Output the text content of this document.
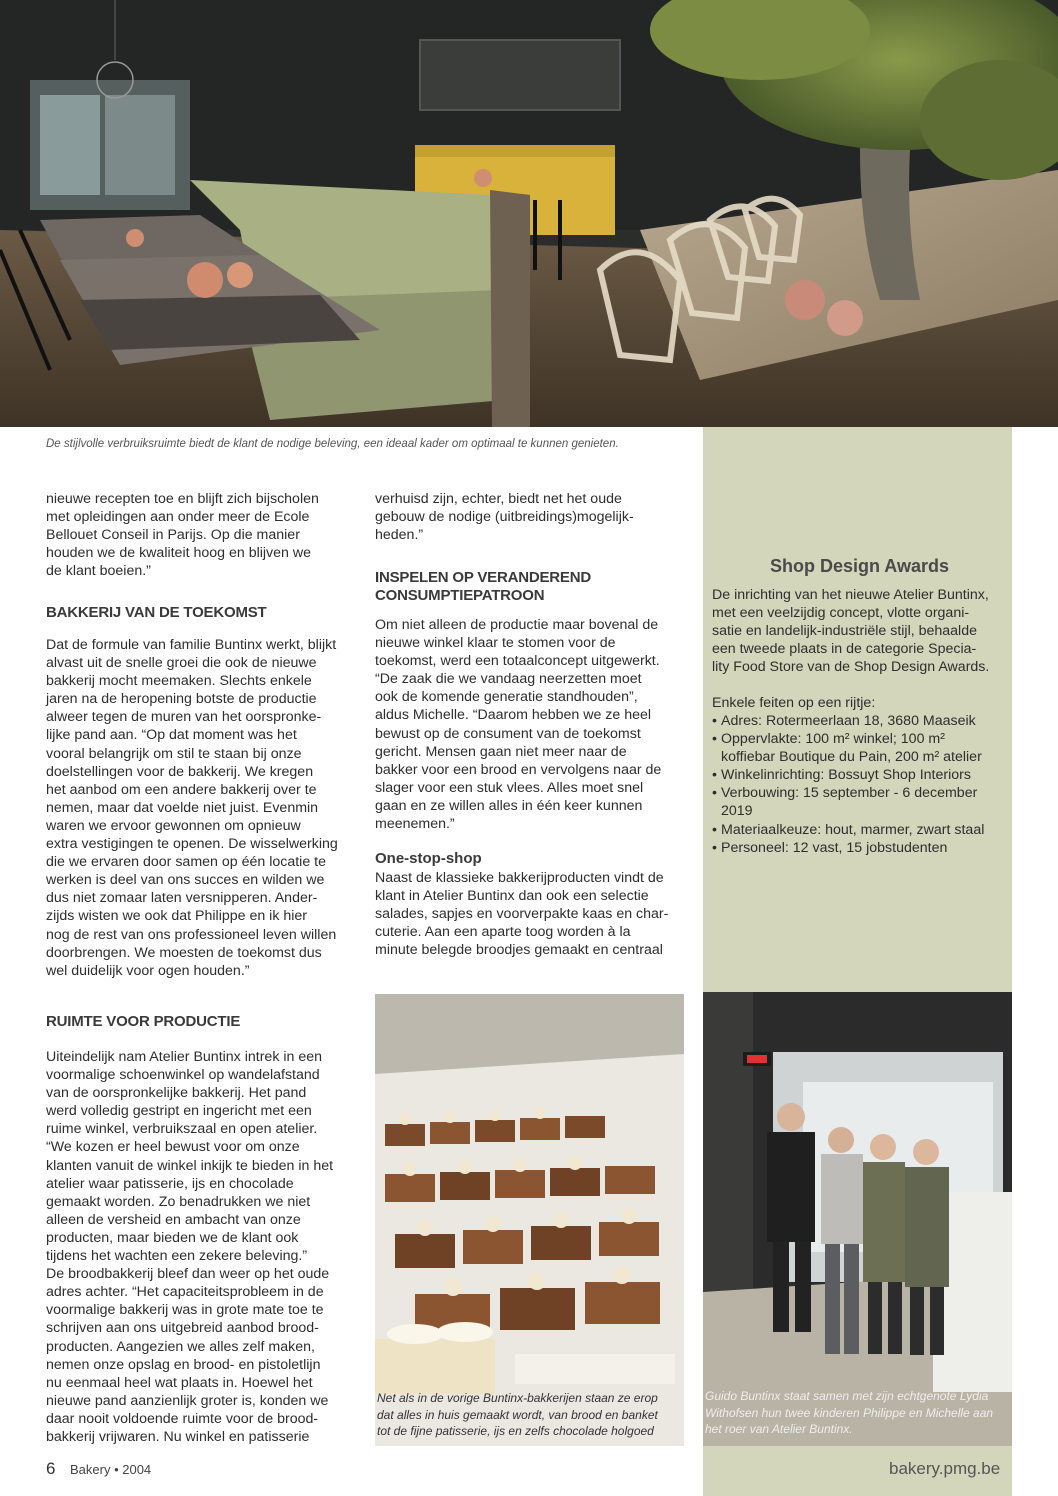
De stijlvolle verbruiksruimte biedt de klant de nodige beleving, een ideaal kader om optimaal te kunnen genieten.

nieuwe recepten toe en blijft zich bijscholen

met opleidingen aan onder meer de Ecole

Bellouet Conseil in Parijs. Op die manier

houden we de kwaliteit hoog en blijven we

de klant boeien.”

BAKKERIJ VAN DE TOEKOMST

Dat de formule van familie Buntinx werkt, blijkt

alvast uit de snelle groei die ook de nieuwe

bakkerij mocht meemaken. Slechts enkele

jaren na de heropening botste de productie

alweer tegen de muren van het oorspronke-

lijke pand aan. “Op dat moment was het

vooral belangrijk om stil te staan bij onze

doelstellingen voor de bakkerij. We kregen

het aanbod om een andere bakkerij over te

nemen, maar dat voelde niet juist. Evenmin

waren we ervoor gewonnen om opnieuw

extra vestigingen te openen. De wisselwerking

die we ervaren door samen op één locatie te

werken is deel van ons succes en wilden we

dus niet zomaar laten versnipperen. Ander-

zijds wisten we ook dat Philippe en ik hier

nog de rest van ons professioneel leven willen

doorbrengen. We moesten de toekomst dus

wel duidelijk voor ogen houden.”

RUIMTE VOOR PRODUCTIE

Uiteindelijk nam Atelier Buntinx intrek in een

voormalige schoenwinkel op wandelafstand

van de oorspronkelijke bakkerij. Het pand

werd volledig gestript en ingericht met een

ruime winkel, verbruikszaal en open atelier.

“We kozen er heel bewust voor om onze

klanten vanuit de winkel inkijk te bieden in het

atelier waar patisserie, ijs en chocolade

gemaakt worden. Zo benadrukken we niet

alleen de versheid en ambacht van onze

producten, maar bieden we de klant ook

tijdens het wachten een zekere beleving.”

De broodbakkerij bleef dan weer op het oude

adres achter. “Het capaciteitsprobleem in de

voormalige bakkerij was in grote mate toe te

schrijven aan ons uitgebreid aanbod brood-

producten. Aangezien we alles zelf maken,

nemen onze opslag en brood- en pistoletlijn

nu eenmaal heel wat plaats in. Hoewel het

nieuwe pand aanzienlijk groter is, konden we

daar nooit voldoende ruimte voor de brood-

bakkerij vrijwaren. Nu winkel en patisserie

verhuisd zijn, echter, biedt net het oude

gebouw de nodige (uitbreidings)mogelijk-

heden.”

INSPELEN OP VERANDEREND
CONSUMPTIEPATROON

Om niet alleen de productie maar bovenal de

nieuwe winkel klaar te stomen voor de

toekomst, werd een totaalconcept uitgewerkt.

“De zaak die we vandaag neerzetten moet

ook de komende generatie standhouden”,

aldus Michelle. “Daarom hebben we ze heel

bewust op de consument van de toekomst

gericht. Mensen gaan niet meer naar de

bakker voor een brood en vervolgens naar de

slager voor een stuk vlees. Alles moet snel

gaan en ze willen alles in één keer kunnen

meenemen.”

One-stop-shop

Naast de klassieke bakkerijproducten vindt de

klant in Atelier Buntinx dan ook een selectie

salades, sapjes en voorverpakte kaas en char-

cuterie. Aan een aparte toog worden à la

minute belegde broodjes gemaakt en centraal

Shop Design Awards

De inrichting van het nieuwe Atelier Buntinx,

met een veelzijdig concept, vlotte organi-

satie en landelijk-industriële stijl, behaalde

een tweede plaats in de categorie Specia-

lity Food Store van de Shop Design Awards.

Enkele feiten op een rijtje:
• Adres: Rotermeerlaan 18, 3680 Maaseik
• Oppervlakte: 100 m² winkel; 100 m²
koffiebar Boutique du Pain, 200 m² atelier
• Winkelinrichting: Bossuyt Shop Interiors
• Verbouwing: 15 september - 6 december
2019
• Materiaalkeuze: hout, marmer, zwart staal
• Personeel: 12 vast, 15 jobstudenten

Net als in de vorige Buntinx-bakkerijen staan ze erop

dat alles in huis gemaakt wordt, van brood en banket

tot de fijne patisserie, ijs en zelfs chocolade holgoed

Guido Buntinx staat samen met zijn echtgenote Lydia

Withofsen hun twee kinderen Philippe en Michelle aan

het roer van Atelier Buntinx.

6 Bakery • 2004	bakery.pmg.be
